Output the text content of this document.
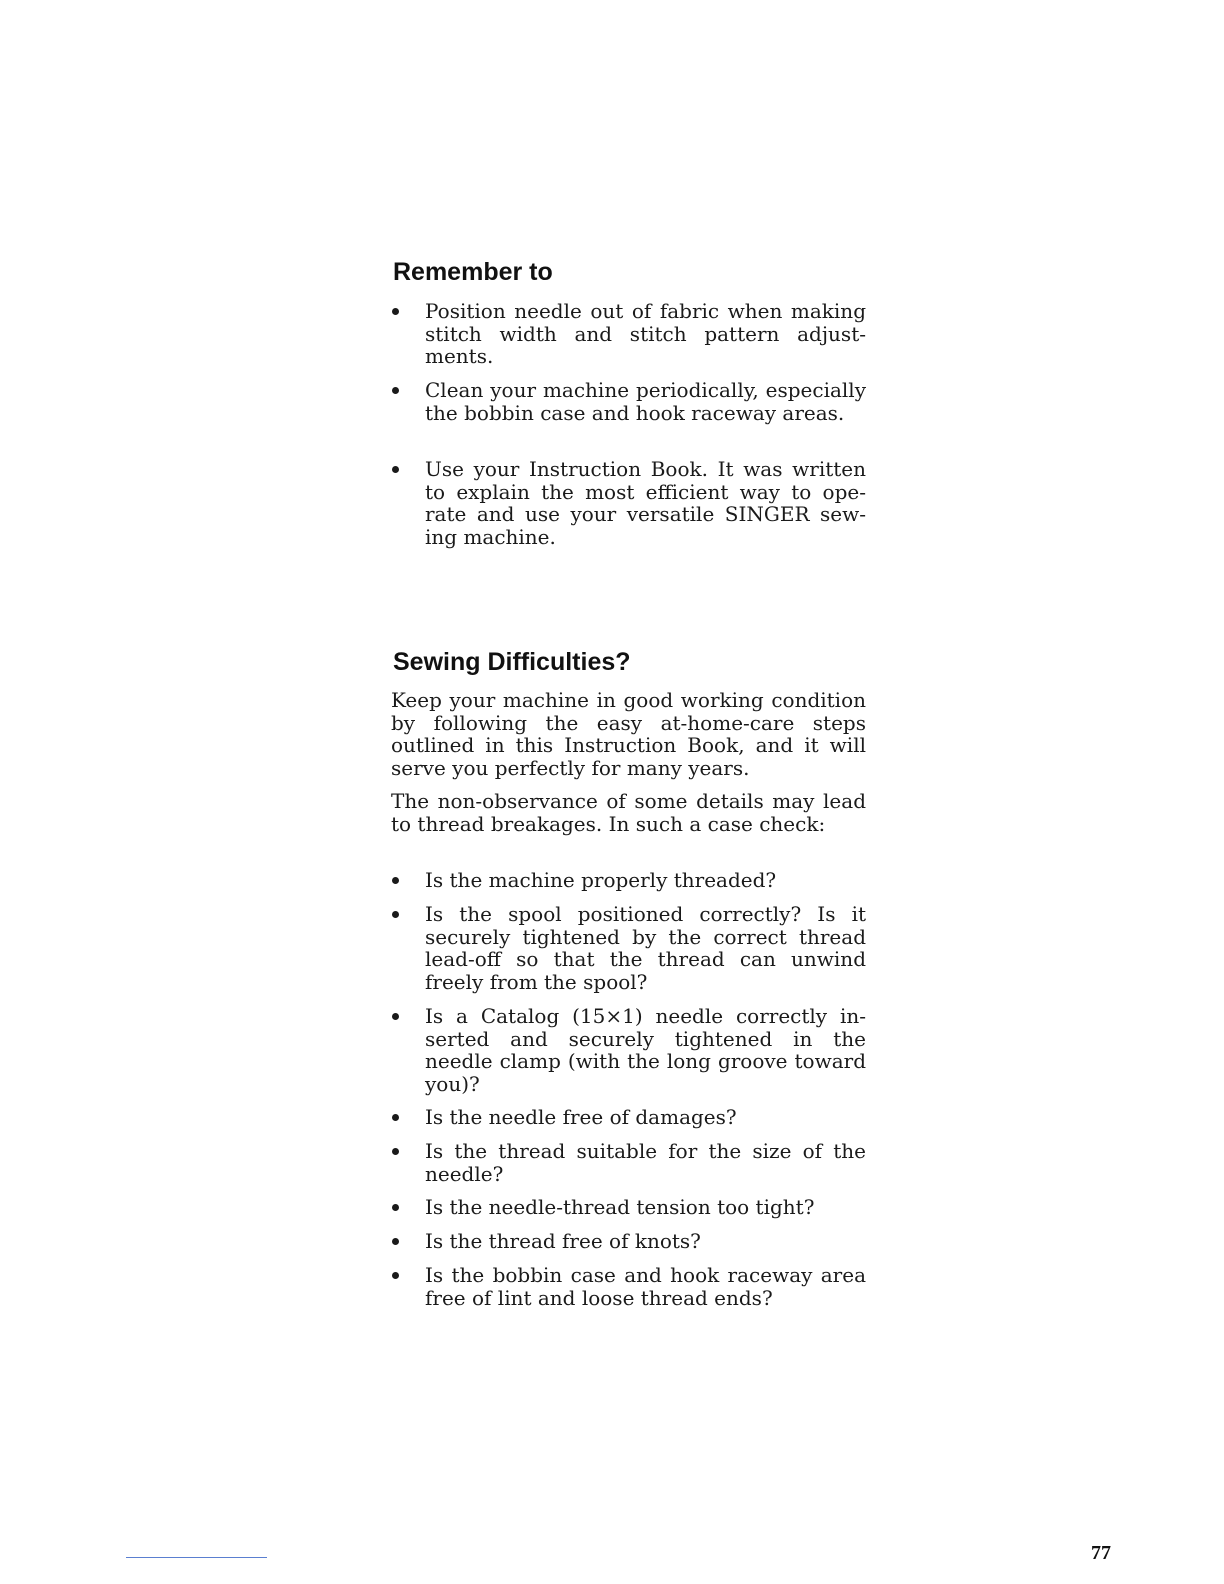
Remember to
Position needle out of fabric when making stitch width and stitch pattern adjustments.
Clean your machine periodically, especially the bobbin case and hook raceway areas.
Use your Instruction Book. It was written to explain the most efficient way to operate and use your versatile SINGER sewing machine.
Sewing Difficulties?

Keep your machine in good working condition by following the easy at-home-care steps outlined in this Instruction Book, and it will serve you perfectly for many years.

The non-observance of some details may lead to thread breakages. In such a case check:

Is the machine properly threaded?
Is the spool positioned correctly? Is it securely tightened by the correct thread lead-off so that the thread can unwind freely from the spool?
Is a Catalog (15×1) needle correctly inserted and securely tightened in the needle clamp (with the long groove toward you)?
Is the needle free of damages?
Is the thread suitable for the size of the needle?
Is the needle-thread tension too tight?
Is the thread free of knots?
Is the bobbin case and hook raceway area free of lint and loose thread ends?
77
